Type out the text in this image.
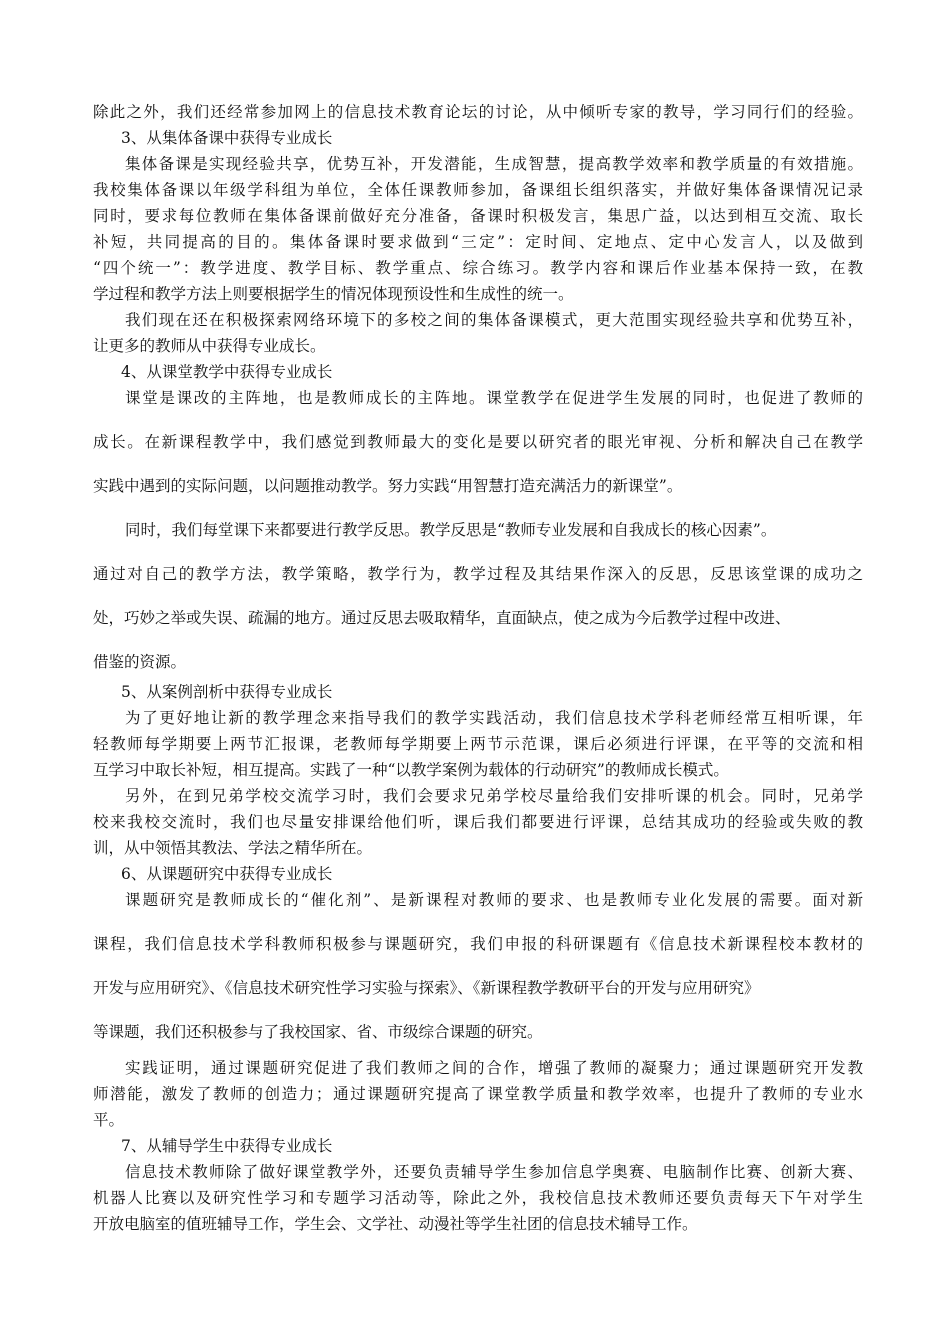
除此之外，我们还经常参加网上的信息技术教育论坛的讨论，从中倾听专家的教导，学习同行们的经验。
3、从集体备课中获得专业成长
集体备课是实现经验共享，优势互补，开发潜能，生成智慧，提高教学效率和教学质量的有效措施。
我校集体备课以年级学科组为单位，全体任课教师参加，备课组长组织落实，并做好集体备课情况记录
同时，要求每位教师在集体备课前做好充分准备，备课时积极发言，集思广益，以达到相互交流、取长
补短，共同提高的目的。集体备课时要求做到“三定”：定时间、定地点、定中心发言人，以及做到
“四个统一”：教学进度、教学目标、教学重点、综合练习。教学内容和课后作业基本保持一致，在教
学过程和教学方法上则要根据学生的情况体现预设性和生成性的统一。
我们现在还在积极探索网络环境下的多校之间的集体备课模式，更大范围实现经验共享和优势互补，
让更多的教师从中获得专业成长。
4、从课堂教学中获得专业成长
课堂是课改的主阵地，也是教师成长的主阵地。课堂教学在促进学生发展的同时，也促进了教师的
成长。在新课程教学中，我们感觉到教师最大的变化是要以研究者的眼光审视、分析和解决自己在教学
实践中遇到的实际问题，以问题推动教学。努力实践“用智慧打造充满活力的新课堂”。
同时，我们每堂课下来都要进行教学反思。教学反思是“教师专业发展和自我成长的核心因素”。
通过对自己的教学方法，教学策略，教学行为，教学过程及其结果作深入的反思，反思该堂课的成功之
处，巧妙之举或失误、疏漏的地方。通过反思去吸取精华，直面缺点，使之成为今后教学过程中改进、
借鉴的资源。
5、从案例剖析中获得专业成长
为了更好地让新的教学理念来指导我们的教学实践活动，我们信息技术学科老师经常互相听课，年
轻教师每学期要上两节汇报课，老教师每学期要上两节示范课，课后必须进行评课，在平等的交流和相
互学习中取长补短，相互提高。实践了一种“以教学案例为载体的行动研究”的教师成长模式。
另外，在到兄弟学校交流学习时，我们会要求兄弟学校尽量给我们安排听课的机会。同时，兄弟学
校来我校交流时，我们也尽量安排课给他们听，课后我们都要进行评课，总结其成功的经验或失败的教
训，从中领悟其教法、学法之精华所在。
6、从课题研究中获得专业成长
课题研究是教师成长的“催化剂”、是新课程对教师的要求、也是教师专业化发展的需要。面对新
课程，我们信息技术学科教师积极参与课题研究，我们申报的科研课题有《信息技术新课程校本教材的
开发与应用研究》、《信息技术研究性学习实验与探索》、《新课程教学教研平台的开发与应用研究》
等课题，我们还积极参与了我校国家、省、市级综合课题的研究。
实践证明，通过课题研究促进了我们教师之间的合作，增强了教师的凝聚力；通过课题研究开发教
师潜能，激发了教师的创造力；通过课题研究提高了课堂教学质量和教学效率，也提升了教师的专业水
平。
7、从辅导学生中获得专业成长
信息技术教师除了做好课堂教学外，还要负责辅导学生参加信息学奥赛、电脑制作比赛、创新大赛、
机器人比赛以及研究性学习和专题学习活动等，除此之外，我校信息技术教师还要负责每天下午对学生
开放电脑室的值班辅导工作，学生会、文学社、动漫社等学生社团的信息技术辅导工作。
